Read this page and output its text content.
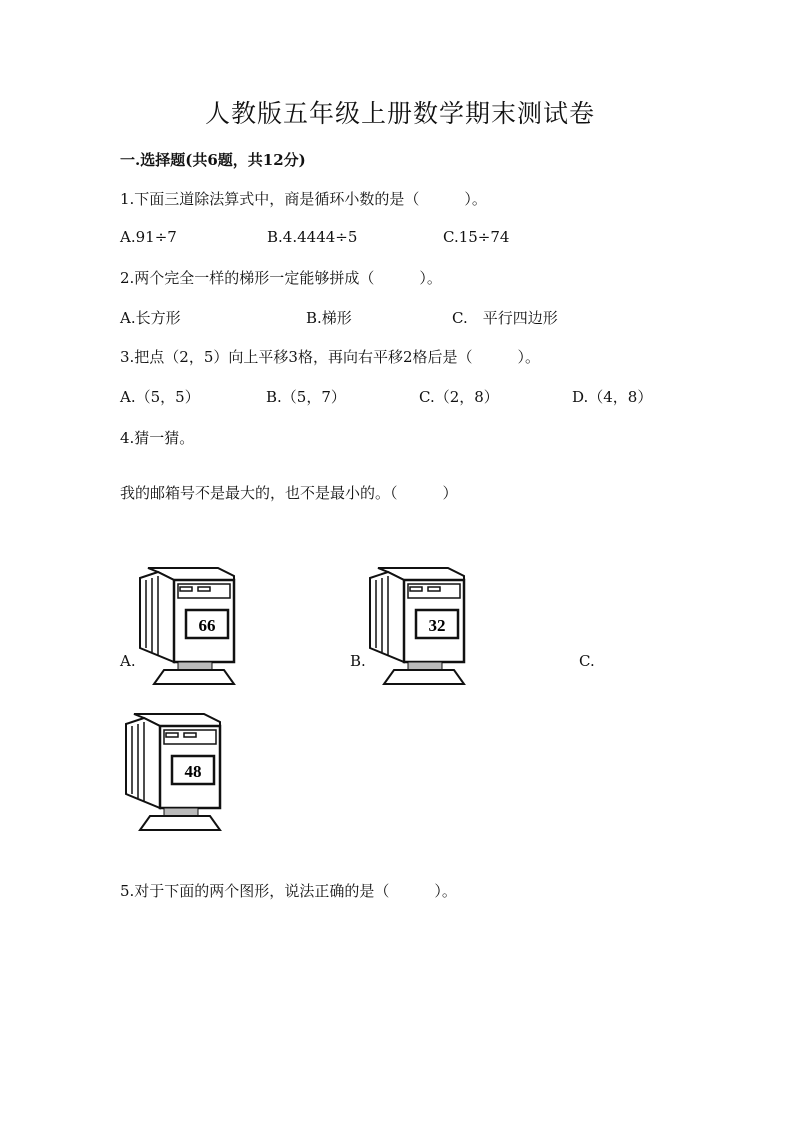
人教版五年级上册数学期末测试卷
一.选择题(共6题，共12分)
1.下面三道除法算式中，商是循环小数的是（　　　）。
A.91÷7	B.4.4444÷5	C.15÷74
2.两个完全一样的梯形一定能够拼成（　　　）。
A.长方形	B.梯形	C.　平行四边形
3.把点（2，5）向上平移3格，再向右平移2格后是（　　　）。
A.（5，5）	B.（5，7）	C.（2，8）	D.（4，8）
4.猜一猜。
我的邮箱号不是最大的，也不是最小的。（　　　）
A.	B.	C.
66	32
48
5.对于下面的两个图形，说法正确的是（　　　）。
